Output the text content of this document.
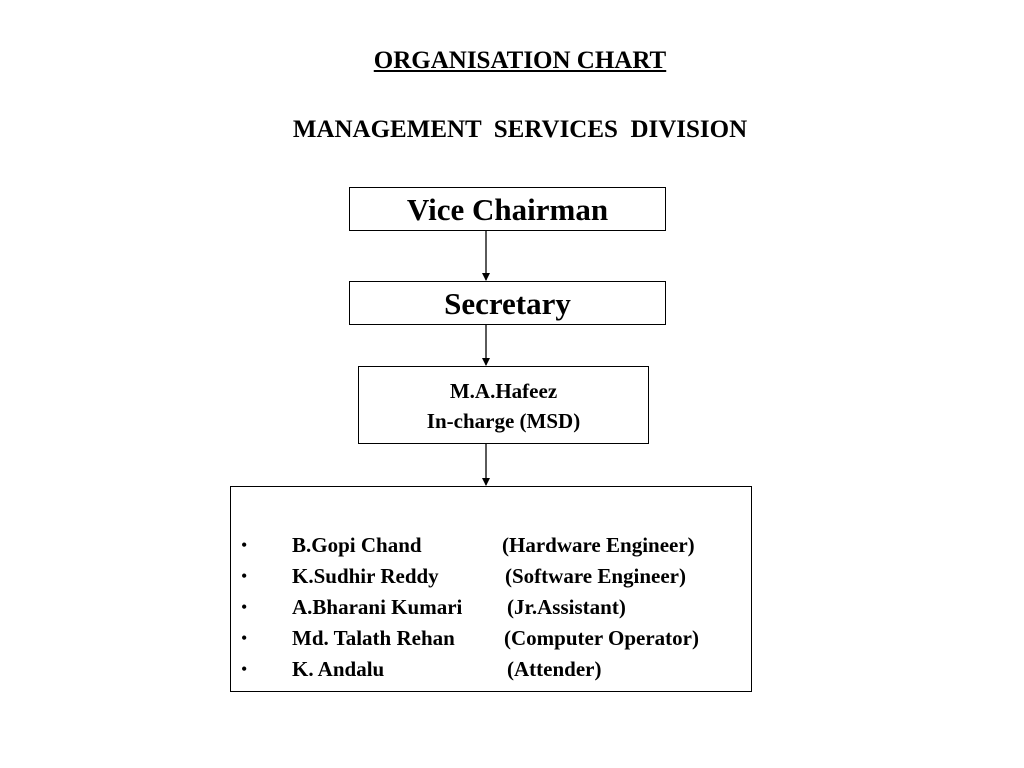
ORGANISATION CHART
MANAGEMENT  SERVICES  DIVISION
Vice Chairman
Secretary
M.A.Hafeez
In-charge (MSD)
• B.Gopi Chand	(Hardware Engineer)
• K.Sudhir Reddy	(Software Engineer)
• A.Bharani Kumari (Jr.Assistant)
• Md. Talath Rehan (Computer Operator)
• K. Andalu	(Attender)
